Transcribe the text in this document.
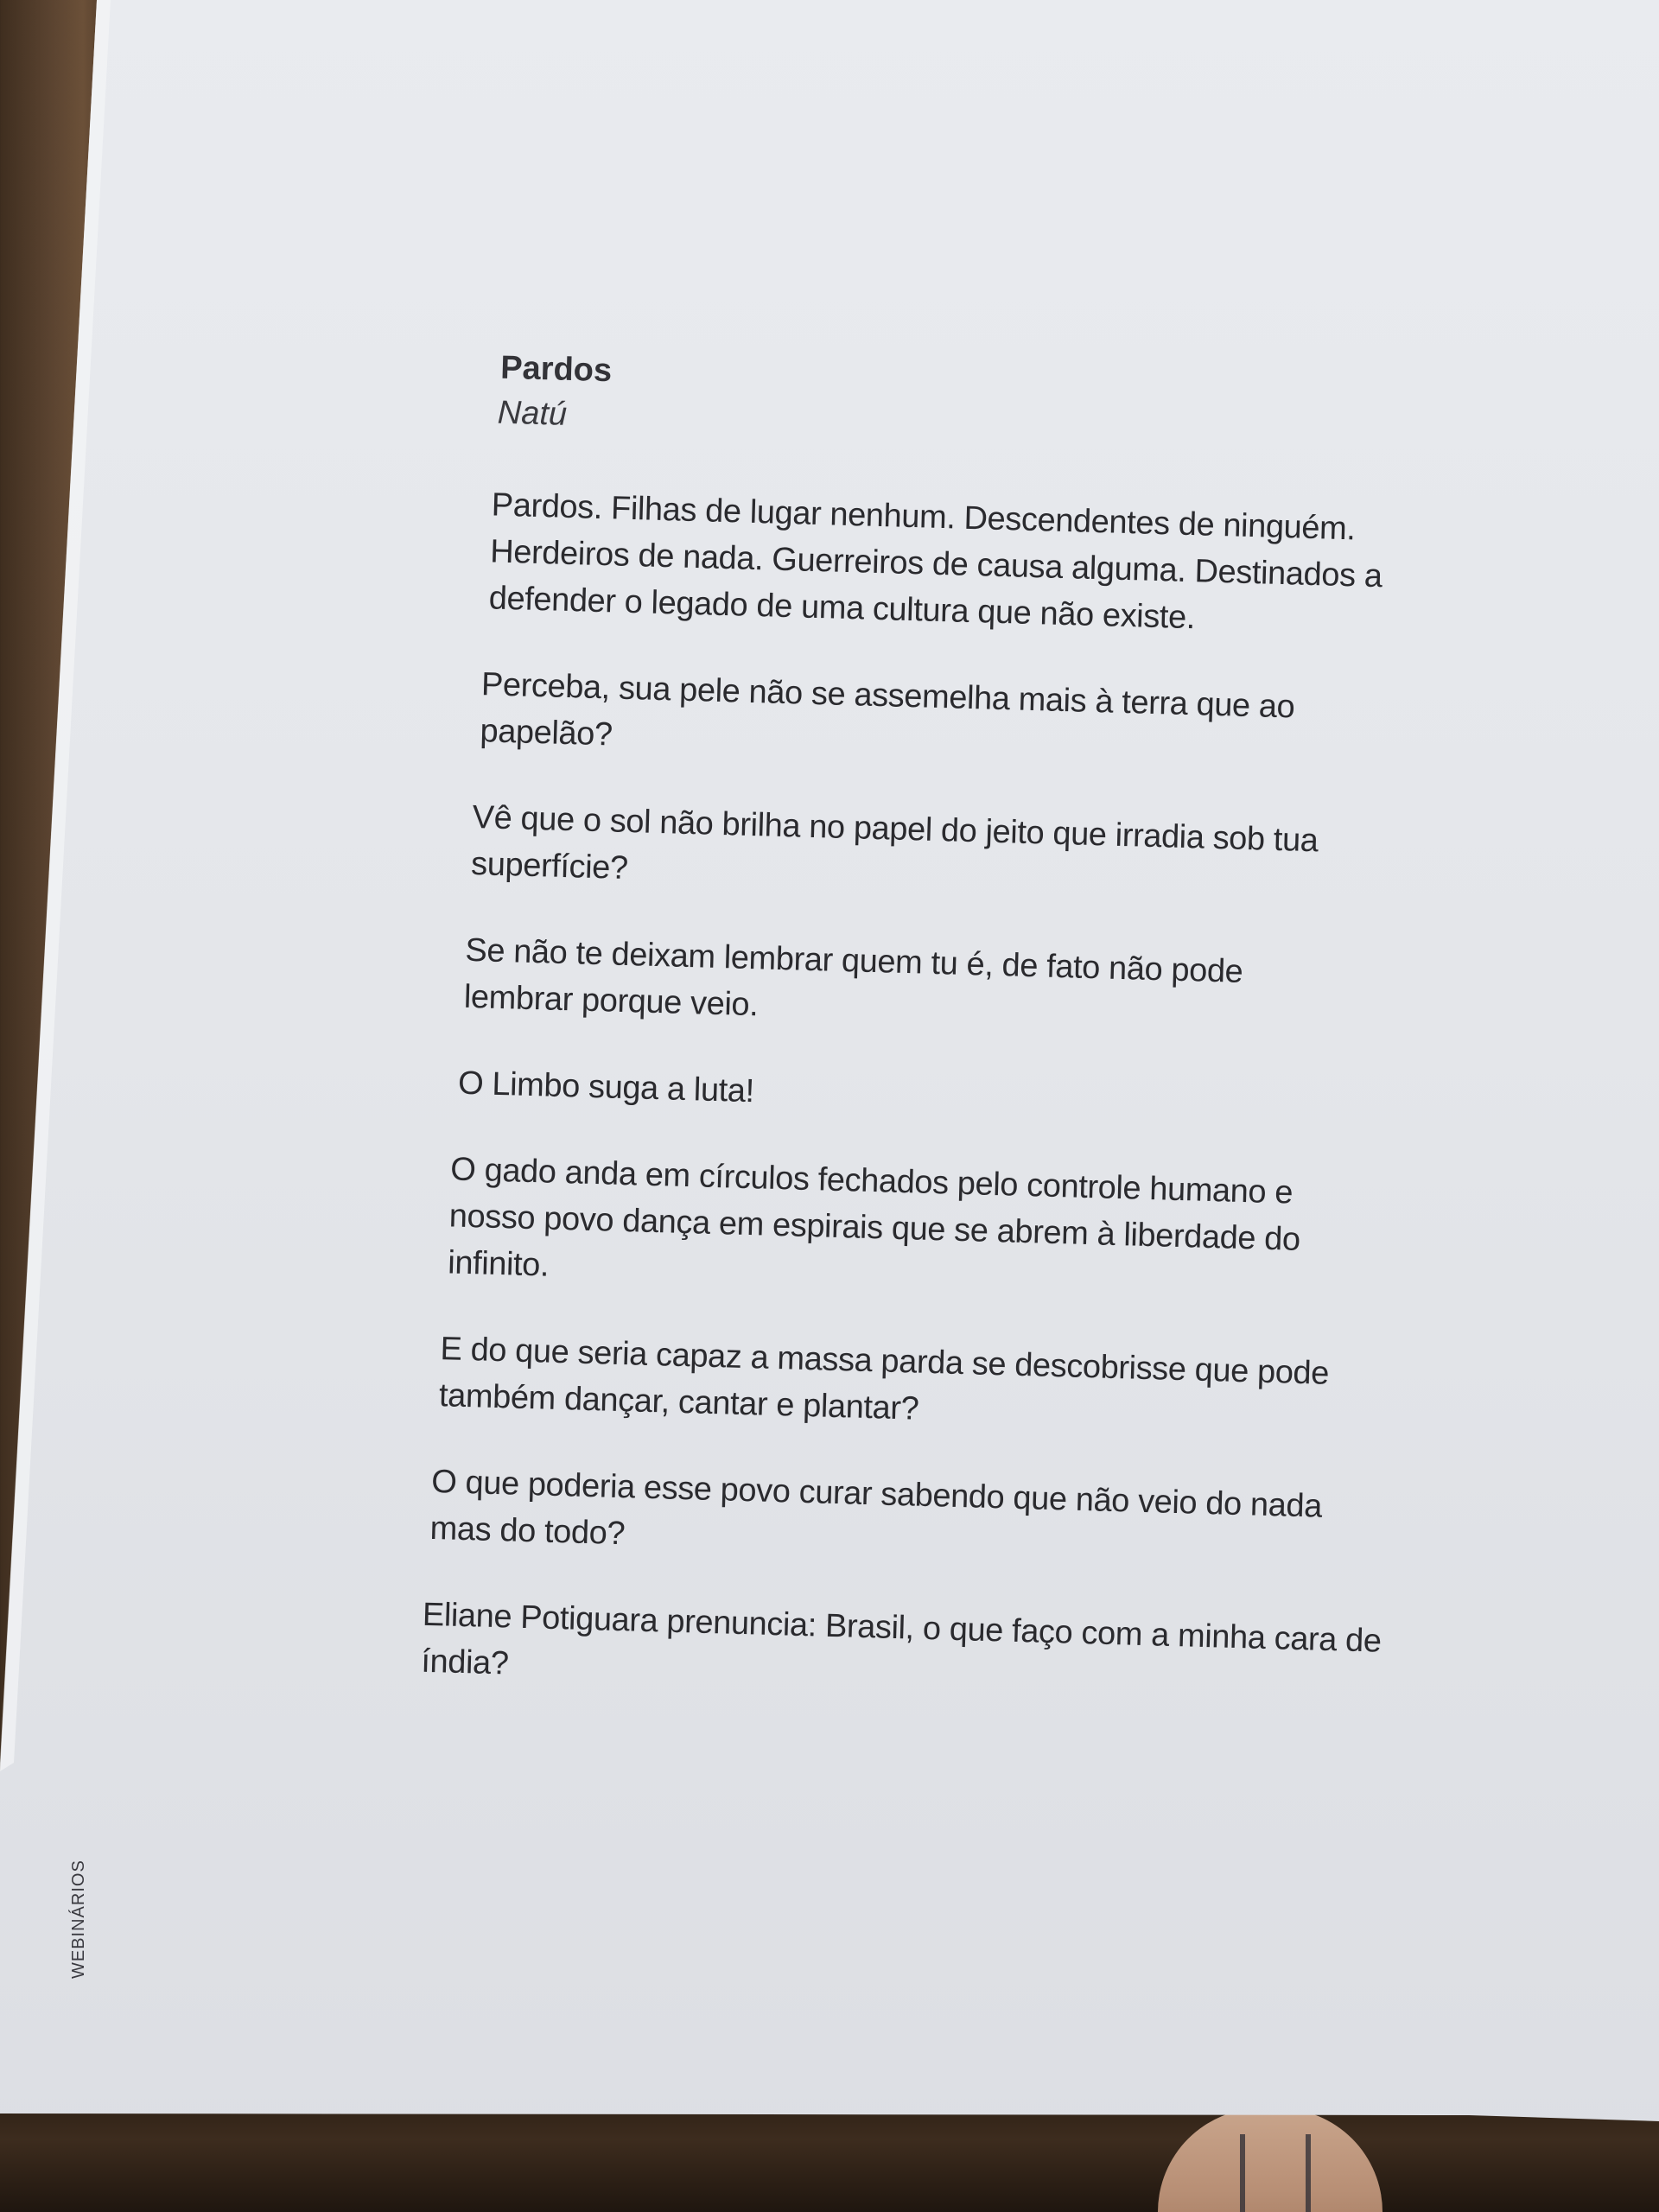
Pardos
Natú

Pardos. Filhas de lugar nenhum. Descendentes de ninguém. Herdeiros de nada. Guerreiros de causa alguma. Destinados a defender o legado de uma cultura que não existe.

Perceba, sua pele não se assemelha mais à terra que ao papelão?

Vê que o sol não brilha no papel do jeito que irradia sob tua superfície?

Se não te deixam lembrar quem tu é, de fato não pode lembrar porque veio.

O Limbo suga a luta!

O gado anda em círculos fechados pelo controle humano e nosso povo dança em espirais que se abrem à liberdade do infinito.

E do que seria capaz a massa parda se descobrisse que pode também dançar, cantar e plantar?

O que poderia esse povo curar sabendo que não veio do nada mas do todo?

Eliane Potiguara prenuncia: Brasil, o que faço com a minha cara de índia?

WEBINÁRIOS
